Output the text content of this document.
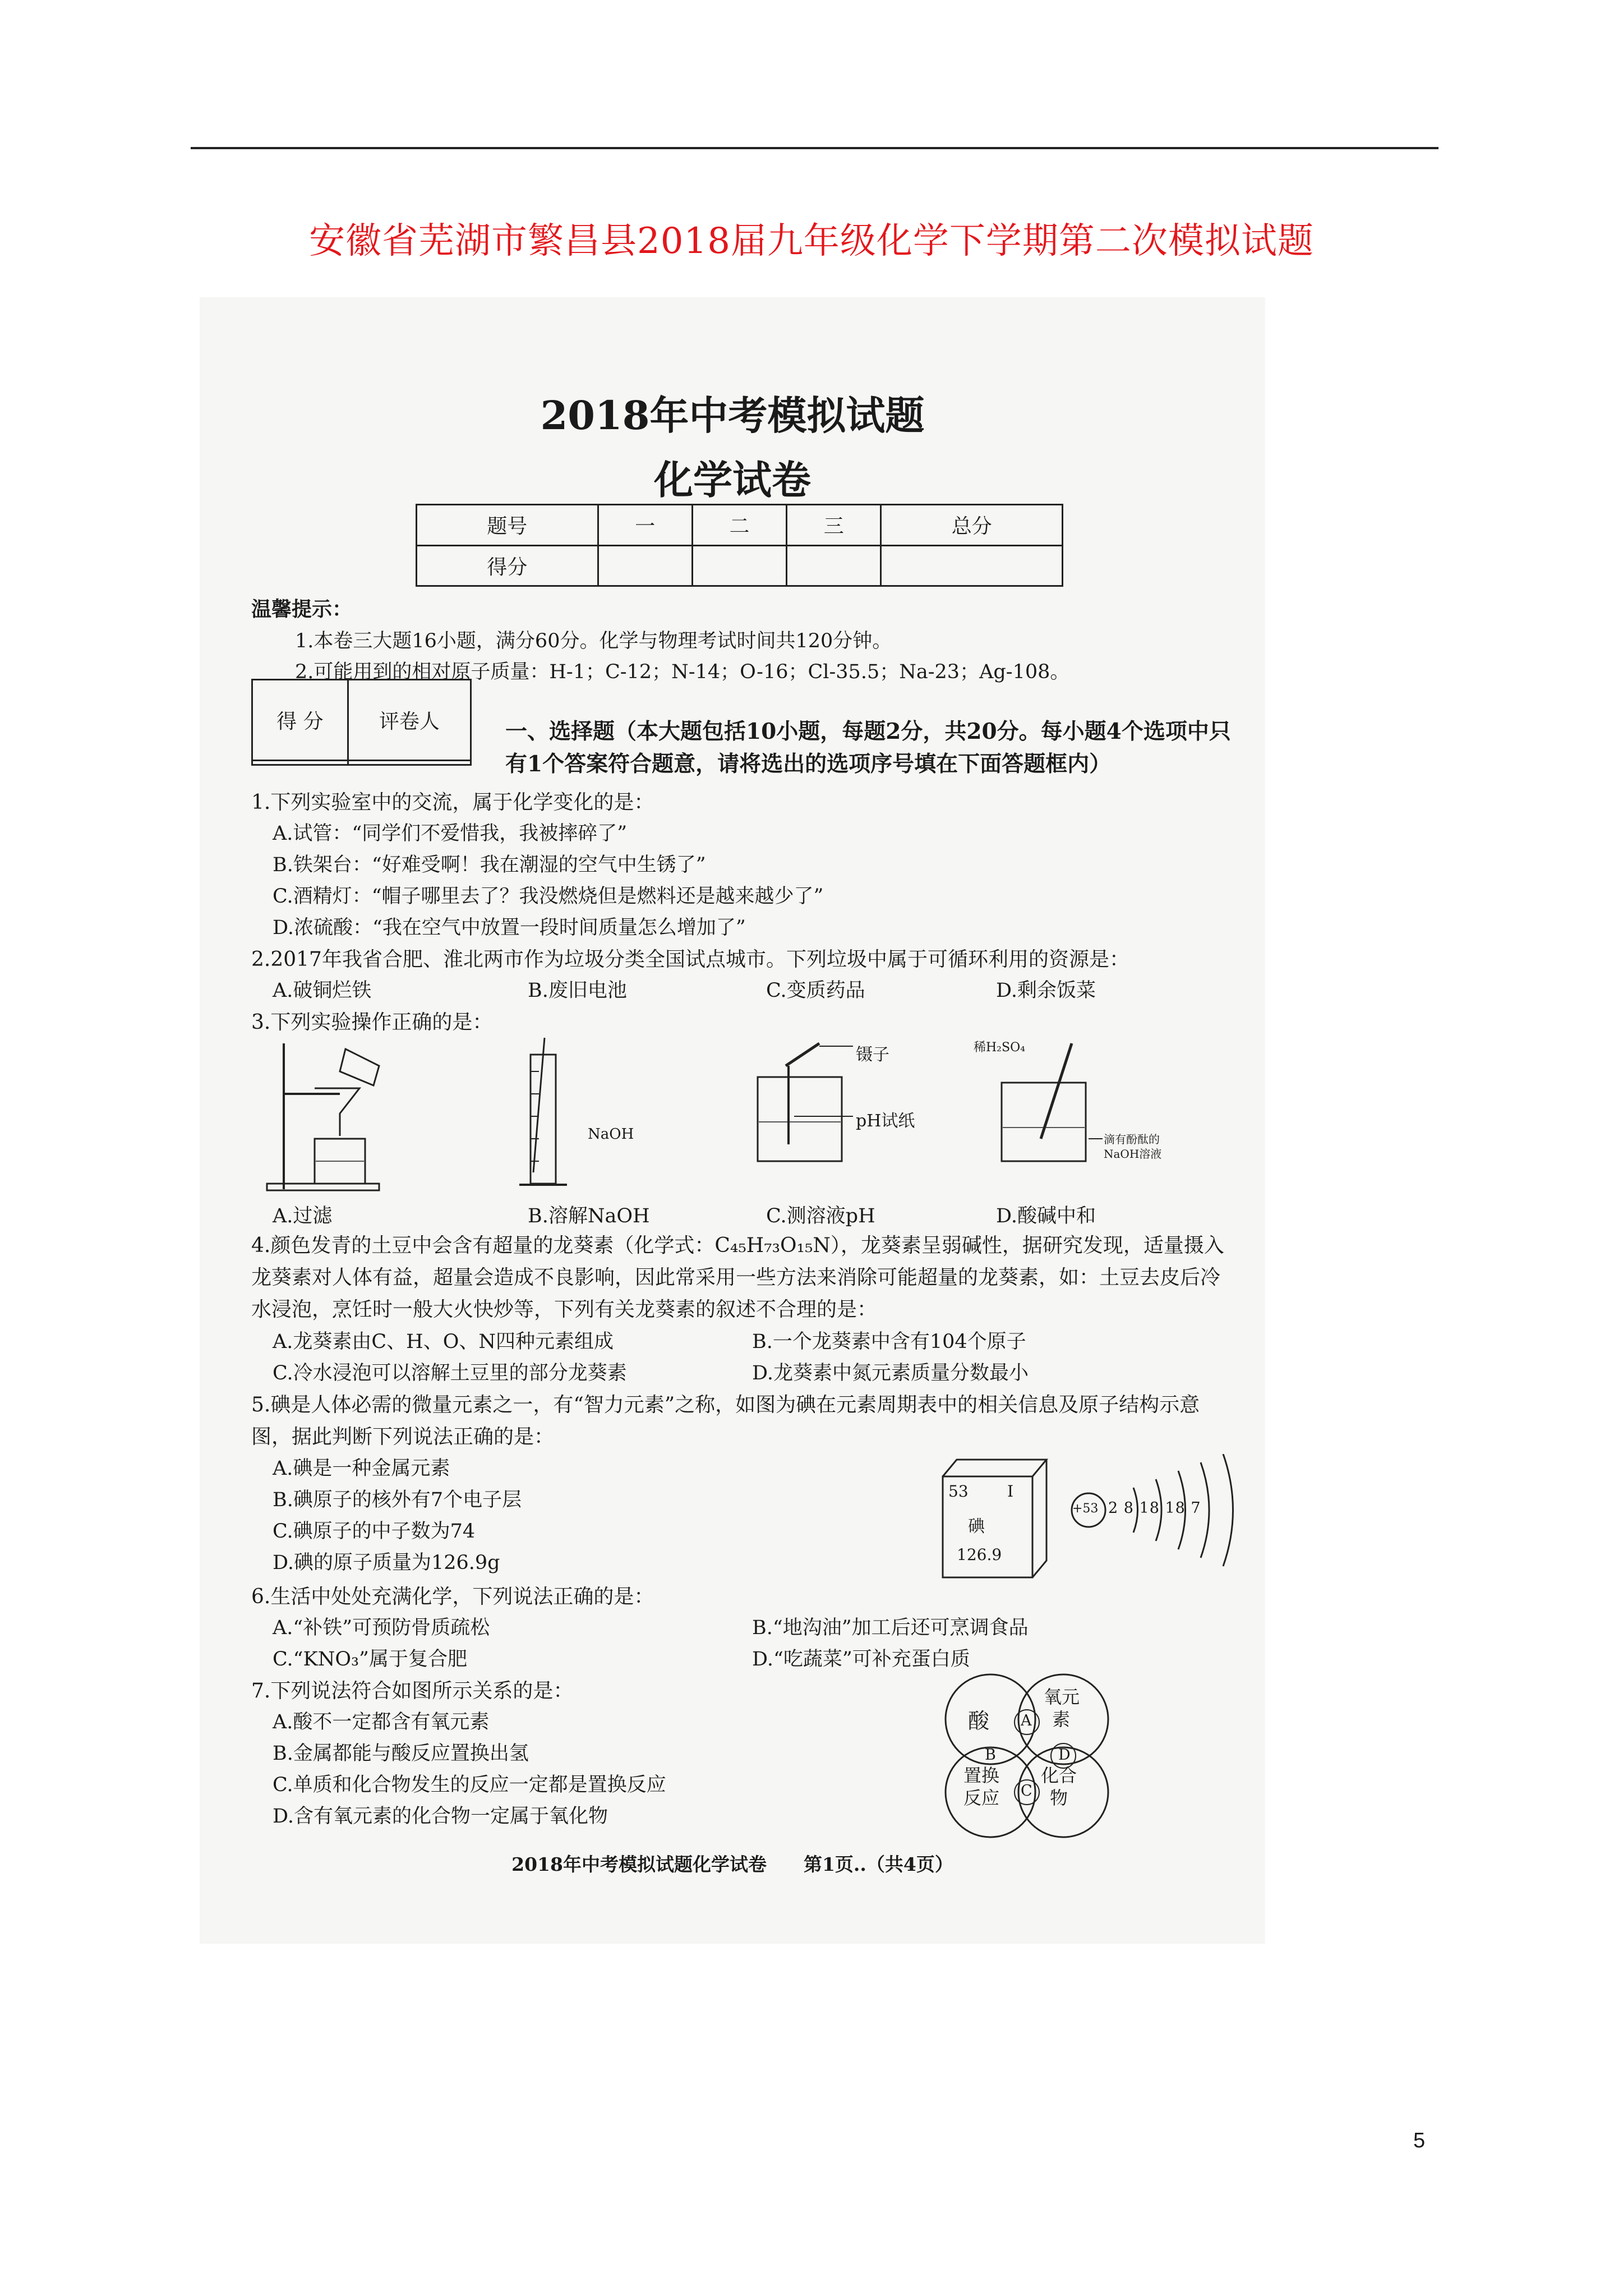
安徽省芜湖市繁昌县2018届九年级化学下学期第二次模拟试题
2018年中考模拟试题
化学试卷
题号	一	二	三	总分
得分				
温馨提示：
1.本卷三大题16小题，满分60分。化学与物理考试时间共120分钟。
2.可能用到的相对原子质量：H-1；C-12；N-14；O-16；Cl-35.5；Na-23；Ag-108。
得 分	评卷人
		一、选择题（本大题包括10小题，每题2分，共20分。每小题4个选项中只有1个答案符合题意，请将选出的选项序号填在下面答题框内）
1.下列实验室中的交流，属于化学变化的是：
A.试管：“同学们不爱惜我，我被摔碎了”
B.铁架台：“好难受啊！我在潮湿的空气中生锈了”
C.酒精灯：“帽子哪里去了？我没燃烧但是燃料还是越来越少了”
D.浓硫酸：“我在空气中放置一段时间质量怎么增加了”
2.2017年我省合肥、淮北两市作为垃圾分类全国试点城市。下列垃圾中属于可循环利用的资源是：
A.破铜烂铁	B.废旧电池	C.变质药品	D.剩余饭菜
3.下列实验操作正确的是：
NaOH
镊子
pH试纸
稀H₂SO₄
滴有酚酞的NaOH溶液
A.过滤	B.溶解NaOH	C.测溶液pH	D.酸碱中和
4.颜色发青的土豆中会含有超量的龙葵素（化学式：C₄₅H₇₃O₁₅N），龙葵素呈弱碱性，据研究发现，适量摄入龙葵素对人体有益，超量会造成不良影响，因此常采用一些方法来消除可能超量的龙葵素，如：土豆去皮后冷水浸泡，烹饪时一般大火快炒等，下列有关龙葵素的叙述不合理的是：
A.龙葵素由C、H、O、N四种元素组成	B.一个龙葵素中含有104个原子
C.冷水浸泡可以溶解土豆里的部分龙葵素	D.龙葵素中氮元素质量分数最小
5.碘是人体必需的微量元素之一，有“智力元素”之称，如图为碘在元素周期表中的相关信息及原子结构示意图，据此判断下列说法正确的是：
A.碘是一种金属元素
B.碘原子的核外有7个电子层
C.碘原子的中子数为74
D.碘的原子质量为126.9g
53 I
碘
126.9
+53 2 8 18 18 7
6.生活中处处充满化学，下列说法正确的是：
A.“补铁”可预防骨质疏松	B.“地沟油”加工后还可烹调食品
C.“KNO₃”属于复合肥	D.“吃蔬菜”可补充蛋白质
7.下列说法符合如图所示关系的是：
A.酸不一定都含有氧元素
B.金属都能与酸反应置换出氢
C.单质和化合物发生的反应一定都是置换反应
D.含有氧元素的化合物一定属于氧化物
酸
氧元
素
置换
反应
化合
物
A
B	D
C
2018年中考模拟试题化学试卷　　第1页..（共4页）
5
